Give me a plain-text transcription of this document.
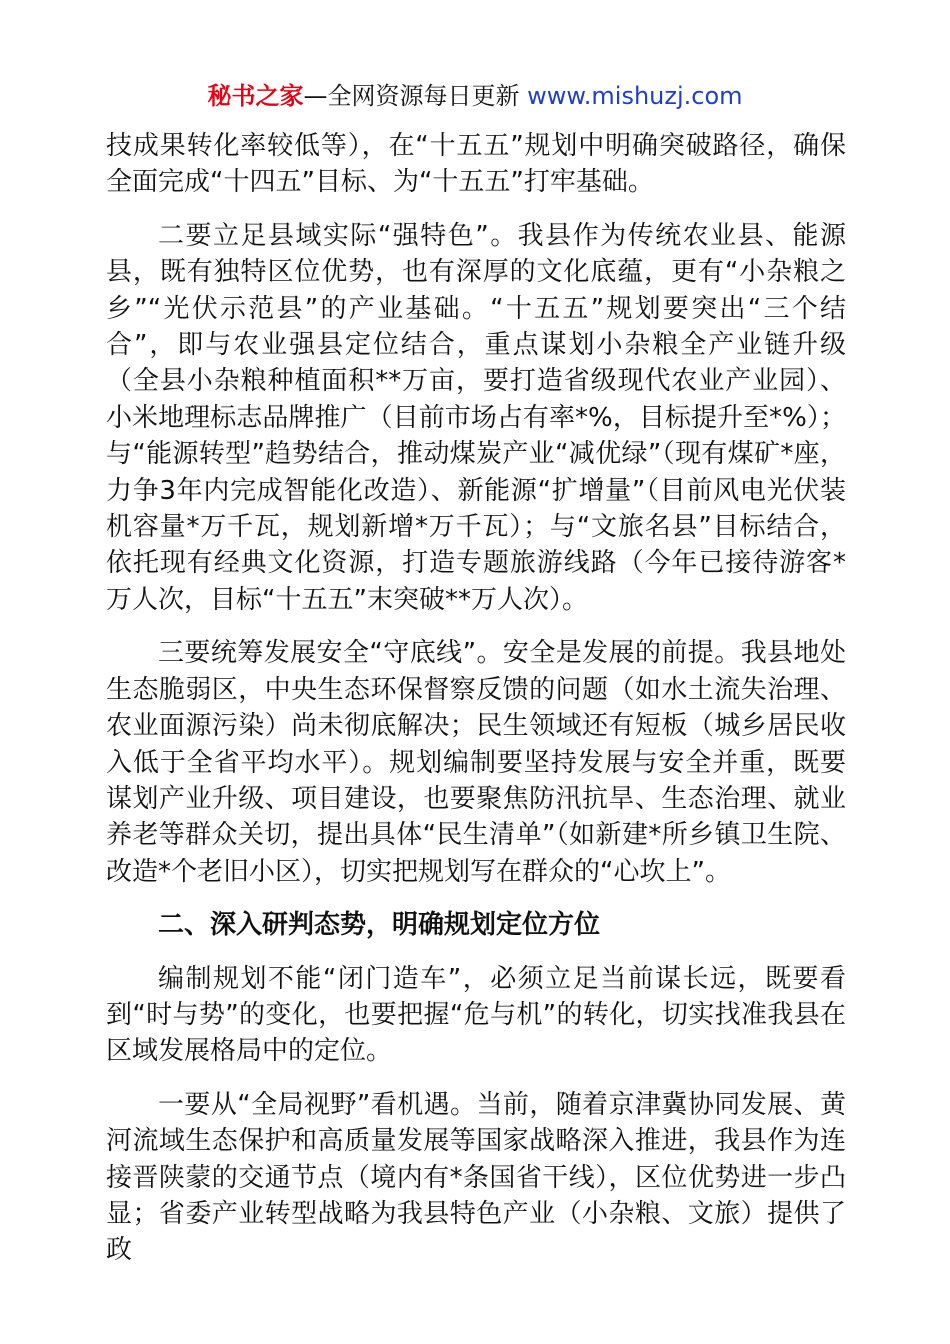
秘书之家—全网资源每日更新 www.mishuzj.com

技成果转化率较低等），在“十五五”规划中明确突破路径，确保全面完成“十四五”目标、为“十五五”打牢基础。

二要立足县域实际“强特色”。我县作为传统农业县、能源县，既有独特区位优势，也有深厚的文化底蕴，更有“小杂粮之乡”“光伏示范县”的产业基础。“十五五”规划要突出“三个结合”，即与农业强县定位结合，重点谋划小杂粮全产业链升级（全县小杂粮种植面积**万亩，要打造省级现代农业产业园）、小米地理标志品牌推广（目前市场占有率*%，目标提升至*%）；与“能源转型”趋势结合，推动煤炭产业“减优绿”（现有煤矿*座，力争3年内完成智能化改造）、新能源“扩增量”（目前风电光伏装机容量*万千瓦，规划新增*万千瓦）；与“文旅名县”目标结合，依托现有经典文化资源，打造专题旅游线路（今年已接待游客*万人次，目标“十五五”末突破**万人次）。

三要统筹发展安全“守底线”。安全是发展的前提。我县地处生态脆弱区，中央生态环保督察反馈的问题（如水土流失治理、农业面源污染）尚未彻底解决；民生领域还有短板（城乡居民收入低于全省平均水平）。规划编制要坚持发展与安全并重，既要谋划产业升级、项目建设，也要聚焦防汛抗旱、生态治理、就业养老等群众关切，提出具体“民生清单”（如新建*所乡镇卫生院、改造*个老旧小区），切实把规划写在群众的“心坎上”。

二、深入研判态势，明确规划定位方位

编制规划不能“闭门造车”，必须立足当前谋长远，既要看到“时与势”的变化，也要把握“危与机”的转化，切实找准我县在区域发展格局中的定位。

一要从“全局视野”看机遇。当前，随着京津冀协同发展、黄河流域生态保护和高质量发展等国家战略深入推进，我县作为连接晋陕蒙的交通节点（境内有*条国省干线），区位优势进一步凸显；省委产业转型战略为我县特色产业（小杂粮、文旅）提供了政
